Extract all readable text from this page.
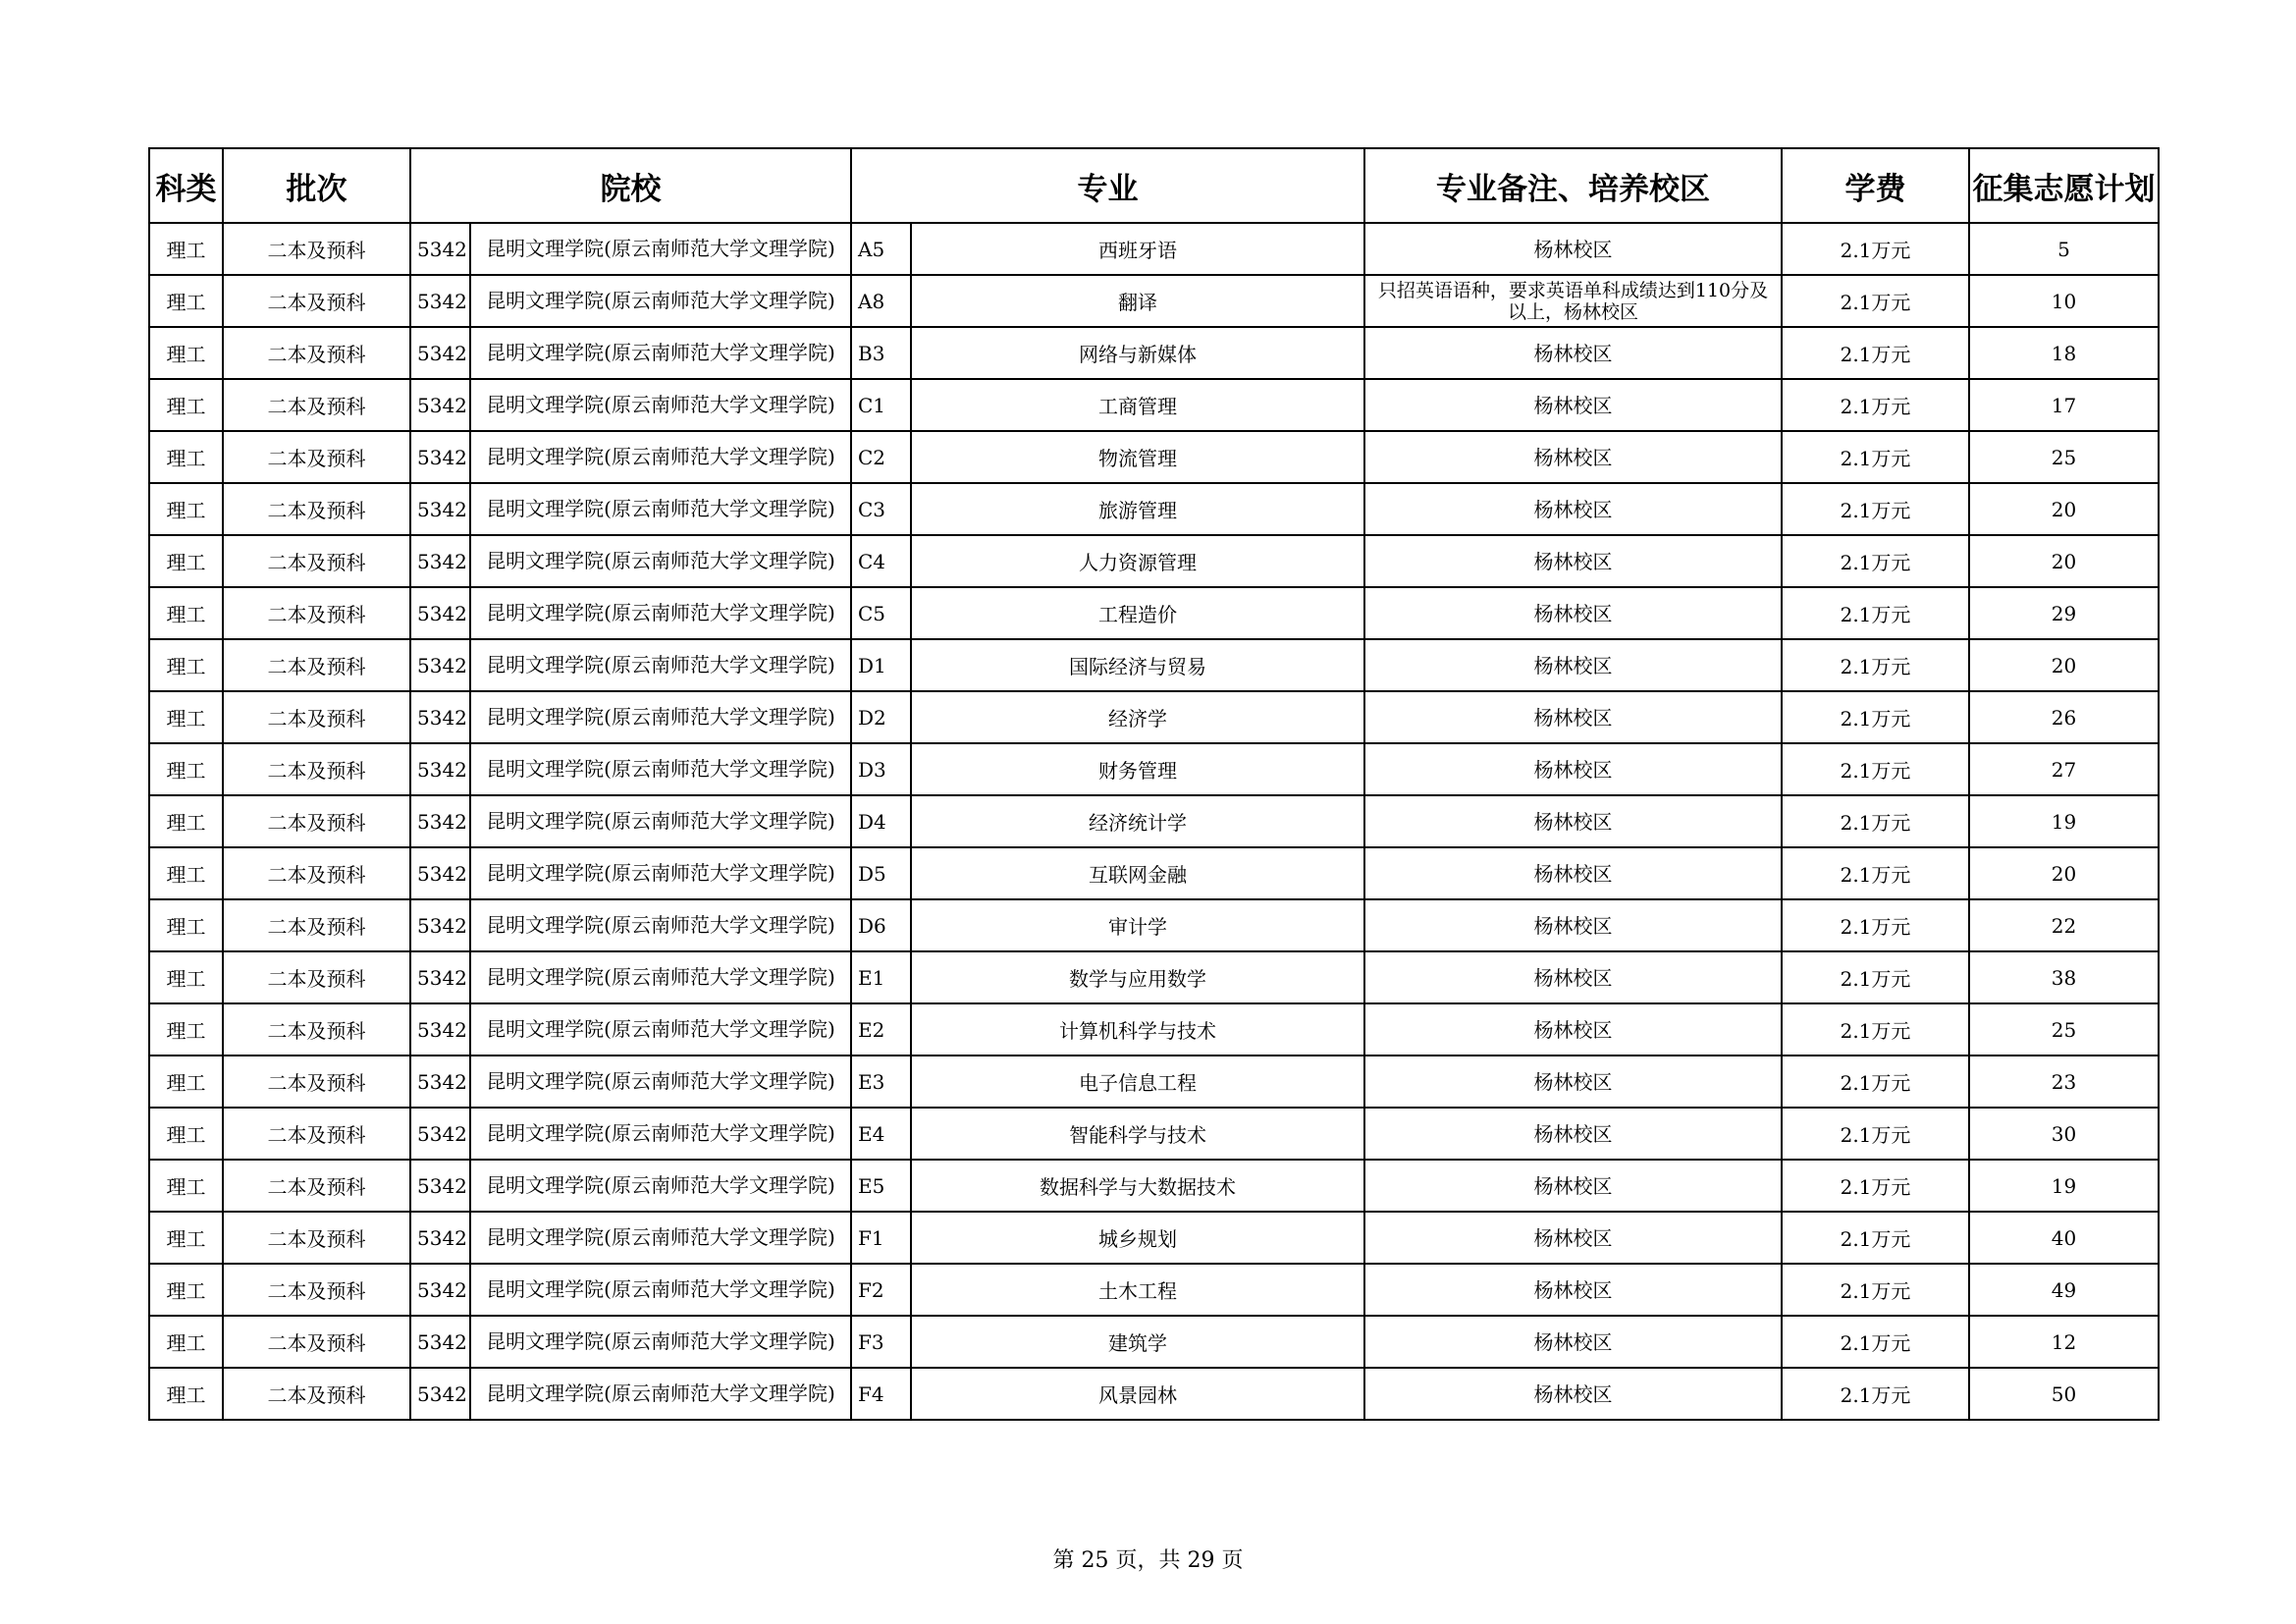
科类	批次	院校		专业		专业备注、培养校区	学费	征集志愿计划
理工	二本及预科	5342	昆明文理学院(原云南师范大学文理学院)	A5	西班牙语	杨林校区	2.1万元	5
理工	二本及预科	5342	昆明文理学院(原云南师范大学文理学院)	A8	翻译	只招英语语种，要求英语单科成绩达到110分及以上，杨林校区	2.1万元	10
理工	二本及预科	5342	昆明文理学院(原云南师范大学文理学院)	B3	网络与新媒体	杨林校区	2.1万元	18
理工	二本及预科	5342	昆明文理学院(原云南师范大学文理学院)	C1	工商管理	杨林校区	2.1万元	17
理工	二本及预科	5342	昆明文理学院(原云南师范大学文理学院)	C2	物流管理	杨林校区	2.1万元	25
理工	二本及预科	5342	昆明文理学院(原云南师范大学文理学院)	C3	旅游管理	杨林校区	2.1万元	20
理工	二本及预科	5342	昆明文理学院(原云南师范大学文理学院)	C4	人力资源管理	杨林校区	2.1万元	20
理工	二本及预科	5342	昆明文理学院(原云南师范大学文理学院)	C5	工程造价	杨林校区	2.1万元	29
理工	二本及预科	5342	昆明文理学院(原云南师范大学文理学院)	D1	国际经济与贸易	杨林校区	2.1万元	20
理工	二本及预科	5342	昆明文理学院(原云南师范大学文理学院)	D2	经济学	杨林校区	2.1万元	26
理工	二本及预科	5342	昆明文理学院(原云南师范大学文理学院)	D3	财务管理	杨林校区	2.1万元	27
理工	二本及预科	5342	昆明文理学院(原云南师范大学文理学院)	D4	经济统计学	杨林校区	2.1万元	19
理工	二本及预科	5342	昆明文理学院(原云南师范大学文理学院)	D5	互联网金融	杨林校区	2.1万元	20
理工	二本及预科	5342	昆明文理学院(原云南师范大学文理学院)	D6	审计学	杨林校区	2.1万元	22
理工	二本及预科	5342	昆明文理学院(原云南师范大学文理学院)	E1	数学与应用数学	杨林校区	2.1万元	38
理工	二本及预科	5342	昆明文理学院(原云南师范大学文理学院)	E2	计算机科学与技术	杨林校区	2.1万元	25
理工	二本及预科	5342	昆明文理学院(原云南师范大学文理学院)	E3	电子信息工程	杨林校区	2.1万元	23
理工	二本及预科	5342	昆明文理学院(原云南师范大学文理学院)	E4	智能科学与技术	杨林校区	2.1万元	30
理工	二本及预科	5342	昆明文理学院(原云南师范大学文理学院)	E5	数据科学与大数据技术	杨林校区	2.1万元	19
理工	二本及预科	5342	昆明文理学院(原云南师范大学文理学院)	F1	城乡规划	杨林校区	2.1万元	40
理工	二本及预科	5342	昆明文理学院(原云南师范大学文理学院)	F2	土木工程	杨林校区	2.1万元	49
理工	二本及预科	5342	昆明文理学院(原云南师范大学文理学院)	F3	建筑学	杨林校区	2.1万元	12
理工	二本及预科	5342	昆明文理学院(原云南师范大学文理学院)	F4	风景园林	杨林校区	2.1万元	50
第 25 页，共 29 页
